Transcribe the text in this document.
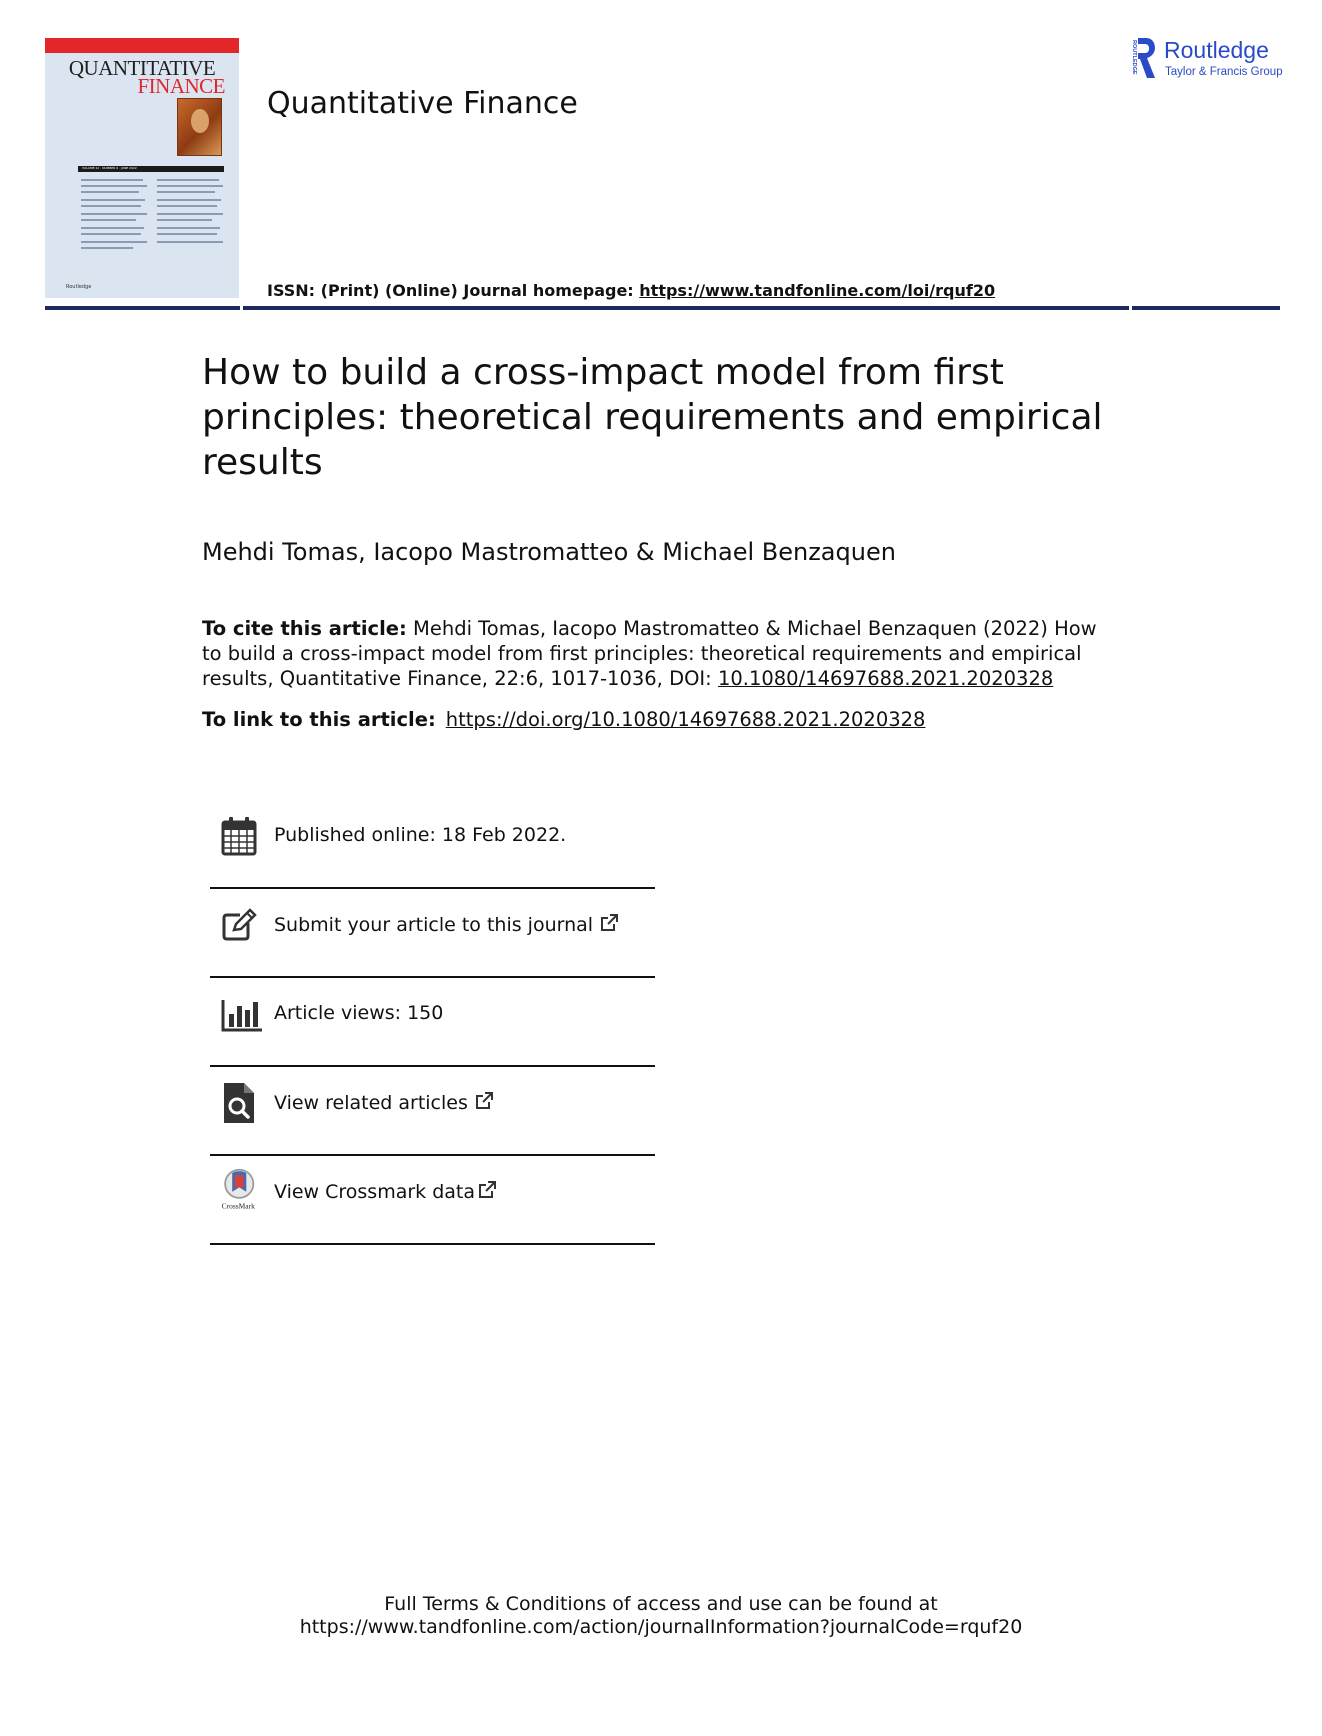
QUANTITATIVE
FINANCE
VOLUME 22 · NUMBER 6 · JUNE 2022
Routledge
Quantitative Finance
ISSN: (Print) (Online) Journal homepage: https://www.tandfonline.com/loi/rquf20
ROUTLEDGE Routledge
Taylor & Francis Group
How to build a cross-impact model from first principles: theoretical requirements and empirical results
Mehdi Tomas, Iacopo Mastromatteo & Michael Benzaquen
To cite this article: Mehdi Tomas, Iacopo Mastromatteo & Michael Benzaquen (2022) How to build a cross-impact model from first principles: theoretical requirements and empirical results, Quantitative Finance, 22:6, 1017-1036, DOI: 10.1080/14697688.2021.2020328
To link to this article: https://doi.org/10.1080/14697688.2021.2020328
Published online: 18 Feb 2022.
Submit your article to this journal
Article views: 150
View related articles
CrossMark
View Crossmark data
Full Terms & Conditions of access and use can be found at
https://www.tandfonline.com/action/journalInformation?journalCode=rquf20
